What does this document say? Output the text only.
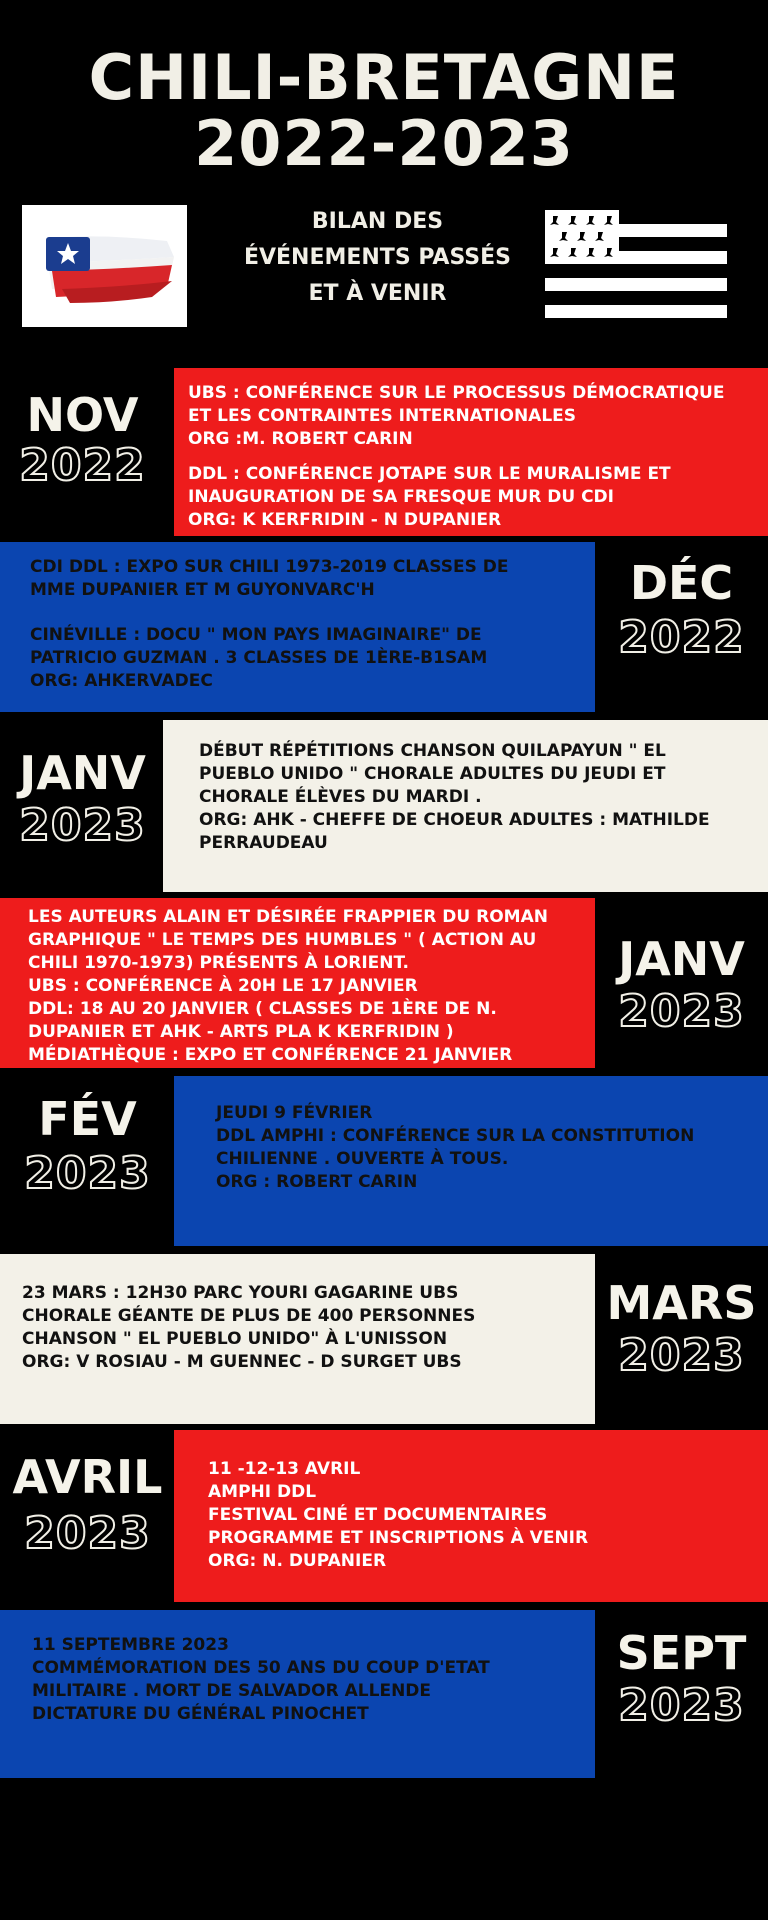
CHILI-BRETAGNE
2022-2023
BILAN DES
ÉVÉNEMENTS PASSÉS
ET À VENIR
NOV
2022

UBS : CONFÉRENCE SUR LE PROCESSUS DÉMOCRATIQUE
ET LES CONTRAINTES INTERNATIONALES
ORG :M. ROBERT CARIN

DDL : CONFÉRENCE JOTAPE SUR LE MURALISME ET
INAUGURATION DE SA FRESQUE MUR DU CDI
ORG: K KERFRIDIN - N DUPANIER

CDI DDL : EXPO SUR CHILI 1973-2019 CLASSES DE
MME DUPANIER ET M GUYONVARC'H

CINÉVILLE : DOCU " MON PAYS IMAGINAIRE" DE
PATRICIO GUZMAN . 3 CLASSES DE 1ÈRE-B1SAM
ORG: AHKERVADEC

DÉC
2022
JANV
2023

DÉBUT RÉPÉTITIONS CHANSON QUILAPAYUN " EL
PUEBLO UNIDO " CHORALE ADULTES DU JEUDI ET
CHORALE ÉLÈVES DU MARDI .
ORG: AHK - CHEFFE DE CHOEUR ADULTES : MATHILDE
PERRAUDEAU

LES AUTEURS ALAIN ET DÉSIRÉE FRAPPIER DU ROMAN
GRAPHIQUE " LE TEMPS DES HUMBLES " ( ACTION AU
CHILI 1970-1973) PRÉSENTS À LORIENT.
UBS : CONFÉRENCE À 20H LE 17 JANVIER
DDL: 18 AU 20 JANVIER ( CLASSES DE 1ÈRE DE N.
DUPANIER ET AHK - ARTS PLA K KERFRIDIN )
MÉDIATHÈQUE : EXPO ET CONFÉRENCE 21 JANVIER

JANV
2023
FÉV
2023

JEUDI 9 FÉVRIER
DDL AMPHI : CONFÉRENCE SUR LA CONSTITUTION
CHILIENNE . OUVERTE À TOUS.
ORG : ROBERT CARIN

23 MARS : 12H30 PARC YOURI GAGARINE UBS
CHORALE GÉANTE DE PLUS DE 400 PERSONNES
CHANSON " EL PUEBLO UNIDO" À L'UNISSON
ORG: V ROSIAU - M GUENNEC - D SURGET UBS

MARS
2023
AVRIL
2023

11 -12-13 AVRIL
AMPHI DDL
FESTIVAL CINÉ ET DOCUMENTAIRES
PROGRAMME ET INSCRIPTIONS À VENIR
ORG: N. DUPANIER

11 SEPTEMBRE 2023
COMMÉMORATION DES 50 ANS DU COUP D'ETAT
MILITAIRE . MORT DE SALVADOR ALLENDE
DICTATURE DU GÉNÉRAL PINOCHET

SEPT
2023
